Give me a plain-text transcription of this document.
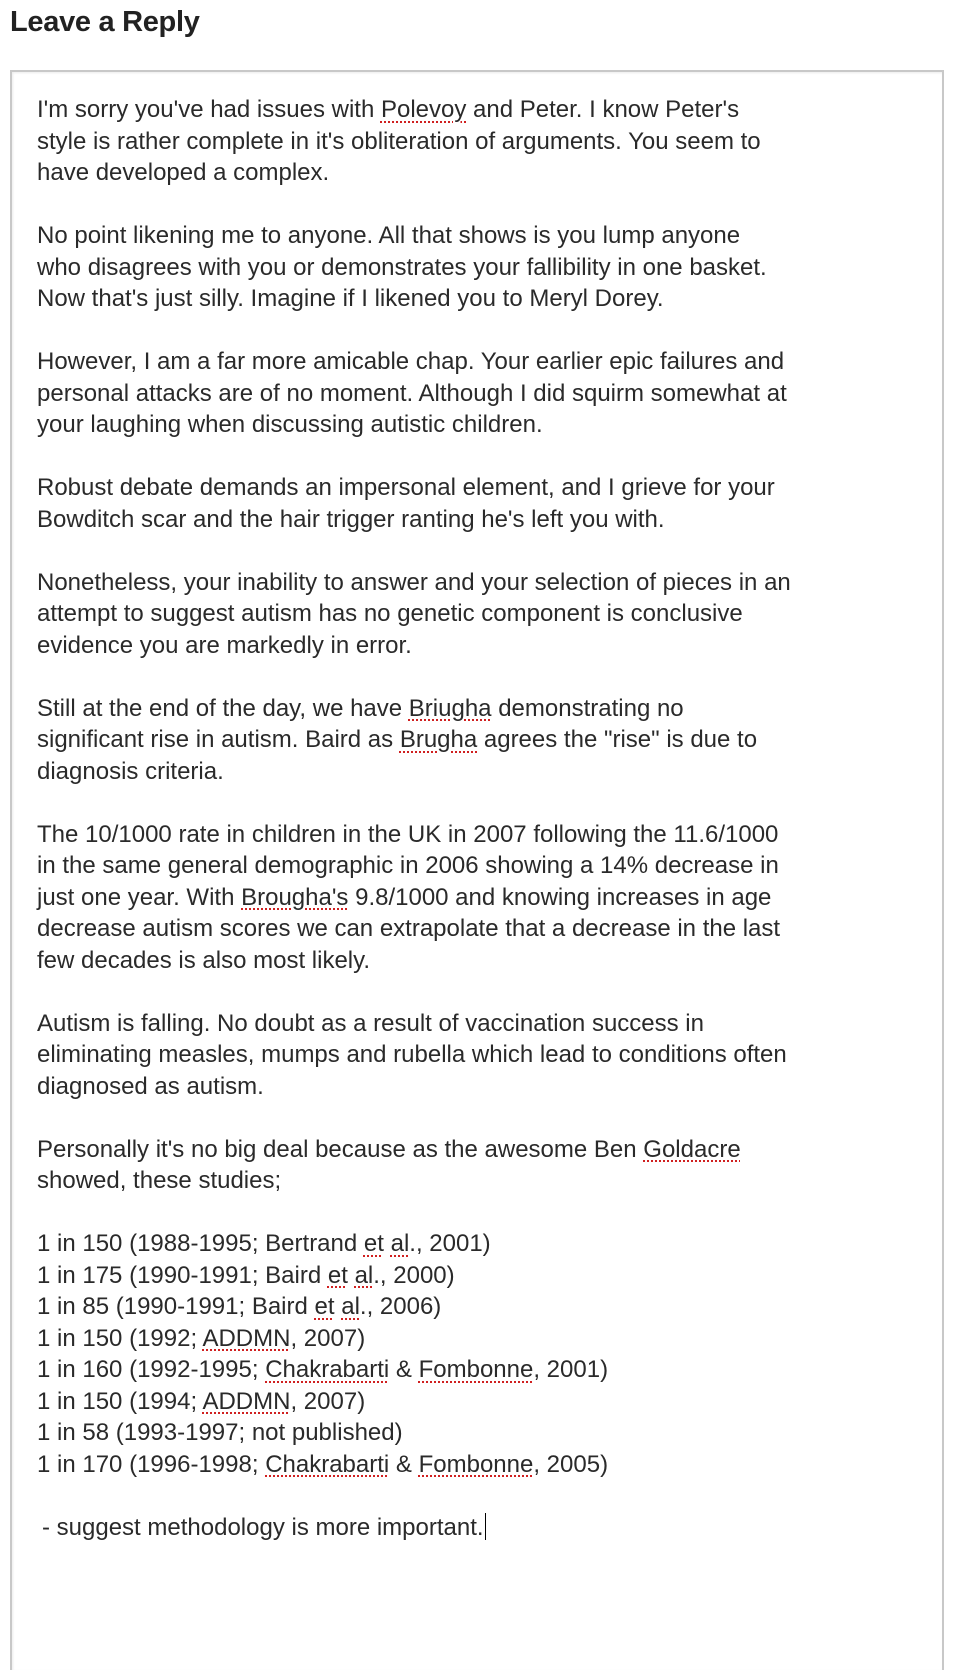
Leave a Reply

I'm sorry you've had issues with Polevoy and Peter. I know Peter's
style is rather complete in it's obliteration of arguments. You seem to
have developed a complex.

No point likening me to anyone. All that shows is you lump anyone
who disagrees with you or demonstrates your fallibility in one basket.
Now that's just silly. Imagine if I likened you to Meryl Dorey.

However, I am a far more amicable chap. Your earlier epic failures and
personal attacks are of no moment. Although I did squirm somewhat at
your laughing when discussing autistic children.

Robust debate demands an impersonal element, and I grieve for your
Bowditch scar and the hair trigger ranting he's left you with.

Nonetheless, your inability to answer and your selection of pieces in an
attempt to suggest autism has no genetic component is conclusive
evidence you are markedly in error.

Still at the end of the day, we have Briugha demonstrating no
significant rise in autism. Baird as Brugha agrees the "rise" is due to
diagnosis criteria.

The 10/1000 rate in children in the UK in 2007 following the 11.6/1000
in the same general demographic in 2006 showing a 14% decrease in
just one year. With Brougha's 9.8/1000 and knowing increases in age
decrease autism scores we can extrapolate that a decrease in the last
few decades is also most likely.

Autism is falling. No doubt as a result of vaccination success in
eliminating measles, mumps and rubella which lead to conditions often
diagnosed as autism.

Personally it's no big deal because as the awesome Ben Goldacre
showed, these studies;

1 in 150 (1988-1995; Bertrand et al., 2001)
1 in 175 (1990-1991; Baird et al., 2000)
1 in 85 (1990-1991; Baird et al., 2006)
1 in 150 (1992; ADDMN, 2007)
1 in 160 (1992-1995; Chakrabarti & Fombonne, 2001)
1 in 150 (1994; ADDMN, 2007)
1 in 58 (1993-1997; not published)
1 in 170 (1996-1998; Chakrabarti & Fombonne, 2005)

- suggest methodology is more important.
